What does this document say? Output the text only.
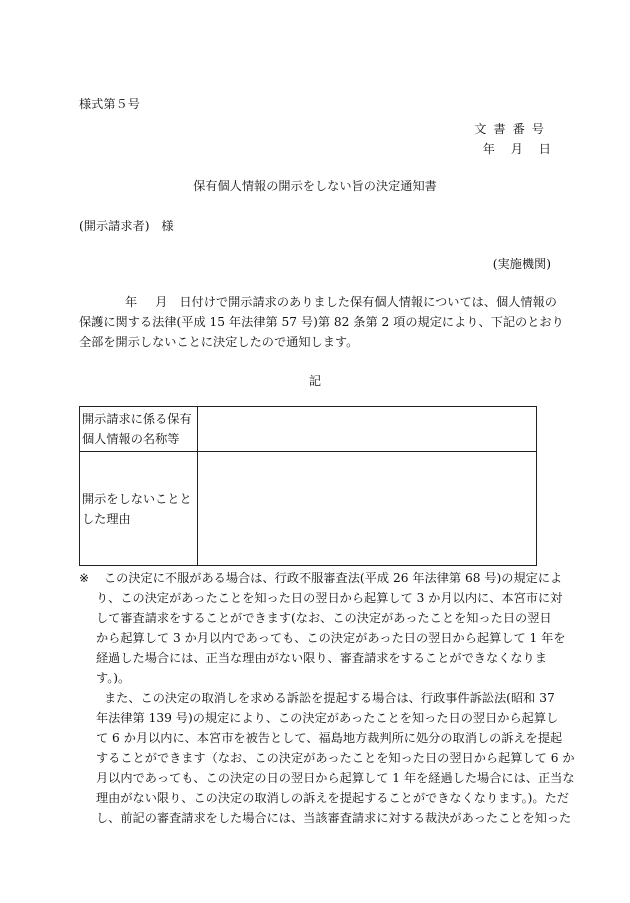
様式第５号
文書番号
年 月 日
保有個人情報の開示をしない旨の決定通知書
(開示請求者) 様
(実施機関)
年 月 日付けで開示請求のありました保有個人情報については、個人情報の
保護に関する法律(平成 15 年法律第 57 号)第 82 条第 2 項の規定により、下記のとおり
全部を開示しないことに決定したので通知します。
記
開示請求に係る保有
個人情報の名称等	

開示をしないことと
した理由	

※ この決定に不服がある場合は、行政不服審査法(平成 26 年法律第 68 号)の規定によ
り、この決定があったことを知った日の翌日から起算して 3 か月以内に、本宮市に対
して審査請求をすることができます(なお、この決定があったことを知った日の翌日
から起算して 3 か月以内であっても、この決定があった日の翌日から起算して 1 年を
経過した場合には、正当な理由がない限り、審査請求をすることができなくなりま
す。)。
また、この決定の取消しを求める訴訟を提起する場合は、行政事件訴訟法(昭和 37
年法律第 139 号)の規定により、この決定があったことを知った日の翌日から起算し
て 6 か月以内に、本宮市を被告として、福島地方裁判所に処分の取消しの訴えを提起
することができます（なお、この決定があったことを知った日の翌日から起算して 6 か
月以内であっても、この決定の日の翌日から起算して 1 年を経過した場合には、正当な
理由がない限り、この決定の取消しの訴えを提起することができなくなります。)。ただ
し、前記の審査請求をした場合には、当該審査請求に対する裁決があったことを知った
